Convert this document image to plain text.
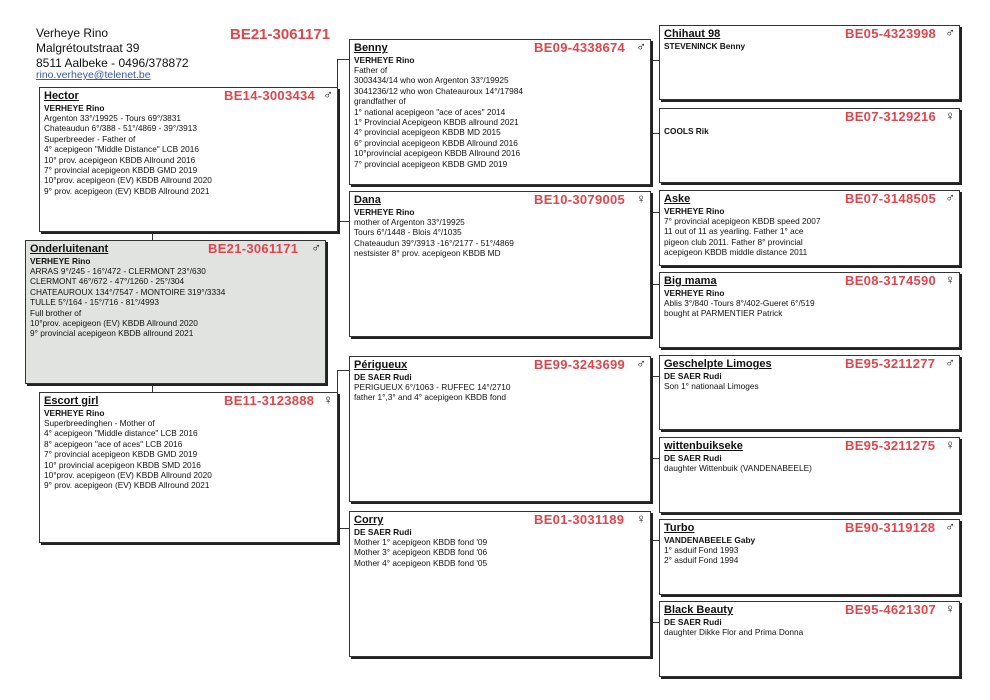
Verheye Rino
Malgrétoutstraat 39
8511 Aalbeke - 0496/378872
rino.verheye@telenet.be
BE21-3061171
Hector	BE14-3003434 ♂
VERHEYE Rino
Argenton 33°/19925 - Tours 69°/3831
Chateaudun 6°/388 - 51°/4869 - 39°/3913
Superbreeder - Father of
4° acepigeon "Middle Distance" LCB 2016
10° prov. acepigeon KBDB Allround 2016
7° provincial acepigeon KBDB GMD 2019
10°prov. acepigeon (EV) KBDB Allround 2020
9° prov. acepigeon (EV) KBDB Allround 2021
Onderluitenant	BE21-3061171 ♂
VERHEYE Rino
ARRAS 9°/245 - 16°/472 - CLERMONT 23°/630
CLERMONT 46°/672 - 47°/1260 - 25°/304
CHATEAUROUX 134°/7547 - MONTOIRE 319°/3334
TULLE 5°/164 - 15°/716 - 81°/4993
Full brother of
10°prov. acepigeon (EV) KBDB Allround 2020
9° provincial acepigeon KBDB allround 2021
Escort girl	BE11-3123888 ♀
VERHEYE Rino
Superbreedinghen - Mother of
4° acepigeon "Middle distance" LCB 2016
8° acepigeon "ace of aces" LCB 2016
7° provincial acepigeon KBDB GMD 2019
10° provincial acepigeon KBDB SMD 2016
10°prov. acepigeon (EV) KBDB Allround 2020
9° prov. acepigeon (EV) KBDB Allround 2021
Benny	BE09-4338674 ♂
VERHEYE Rino
Father of
3003434/14 who won Argenton 33°/19925
3041236/12 who won Chateauroux 14°/17984
grandfather of
1° national acepigeon "ace of aces" 2014
1° Provincial Acepigeon KBDB allround 2021
4° provincial acepigeon KBDB MD 2015
6° provincial acepigeon KBDB Allround 2016
10°provincial acepigeon KBDB Allround 2016
7° provincial acepigeon KBDB GMD 2019
Dana	BE10-3079005 ♀
VERHEYE Rino
mother of Argenton 33°/19925
Tours 6°/1448 - Blois 4°/1035
Chateaudun 39°/3913 -16°/2177 - 51°/4869
nestsister 8° prov. acepigeon KBDB MD
Périgueux	BE99-3243699 ♂
DE SAER Rudi
PERIGUEUX 6°/1063 - RUFFEC 14°/2710
father 1°,3° and 4° acepigeon KBDB fond
Corry	BE01-3031189 ♀
DE SAER Rudi
Mother 1° acepigeon KBDB fond '09
Mother 3° acepigeon KBDB fond '06
Mother 4° acepigeon KBDB fond '05
Chihaut 98	BE05-4323998 ♂
STEVENINCK Benny
BE07-3129216 ♀
COOLS Rik
Aske	BE07-3148505 ♂
VERHEYE Rino
7° provincial acepigeon KBDB speed 2007
11 out of 11 as yearling. Father 1° ace
pigeon club 2011. Father 8° provincial
acepigeon KBDB middle distance 2011
Big mama	BE08-3174590 ♀
VERHEYE Rino
Ablis 3°/840 -Tours 8°/402-Gueret 6°/519
bought at PARMENTIER Patrick
Geschelpte Limoges	BE95-3211277 ♂
DE SAER Rudi
Son 1° nationaal Limoges
wittenbuikseke	BE95-3211275 ♀
DE SAER Rudi
daughter Wittenbuik (VANDENABEELE)
Turbo	BE90-3119128 ♂
VANDENABEELE Gaby
1° asduif Fond 1993
2° asduif Fond 1994
Black Beauty	BE95-4621307 ♀
DE SAER Rudi
daughter Dikke Flor and Prima Donna
